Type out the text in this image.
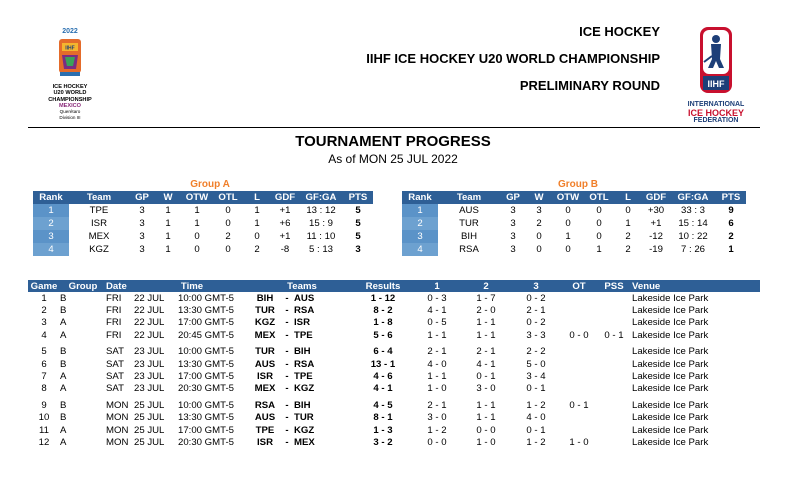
2022
IIHF
ICE HOCKEY
U20 WORLD
CHAMPIONSHIP
MEXICO
Querétaro
Division III
ICE HOCKEY
IIHF ICE HOCKEY U20 WORLD CHAMPIONSHIP
PRELIMINARY ROUND	IIHF
INTERNATIONAL
ICE HOCKEY
FEDERATION
TOURNAMENT PROGRESS
As of MON 25 JUL 2022
Group A
Rank	Team	GP	W	OTW	OTL	L	GDF	GF:GA	PTS
1	TPE	3	1	1	0	1	+1	13 : 12	5
2	ISR	3	1	1	0	1	+6	15 : 9	5
3	MEX	3	1	0	2	0	+1	11 : 10	5
4	KGZ	3	1	0	0	2	-8	5 : 13	3
Group B
Rank	Team	GP	W	OTW	OTL	L	GDF	GF:GA	PTS
1	AUS	3	3	0	0	0	+30	33 : 3	9
2	TUR	3	2	0	0	1	+1	15 : 14	6
3	BIH	3	0	1	0	2	-12	10 : 22	2
4	RSA	3	0	0	1	2	-19	7 : 26	1
Game	Group	Date	Time		Teams			Results	1	2	3	OT	PSS	Venue
1	B	FRI	22 JUL	10:00 GMT-5	BIH	-	AUS	1 - 12	0 - 3	1 - 7	0 - 2			Lakeside Ice Park
2	B	FRI	22 JUL	13:30 GMT-5	TUR	-	RSA	8 - 2	4 - 1	2 - 0	2 - 1			Lakeside Ice Park
3	A	FRI	22 JUL	17:00 GMT-5	KGZ	-	ISR	1 - 8	0 - 5	1 - 1	0 - 2			Lakeside Ice Park
4	A	FRI	22 JUL	20:45 GMT-5	MEX	-	TPE	5 - 6	1 - 1	1 - 1	3 - 3	0 - 0	0 - 1	Lakeside Ice Park
5	B	SAT	23 JUL	10:00 GMT-5	TUR	-	BIH	6 - 4	2 - 1	2 - 1	2 - 2			Lakeside Ice Park
6	B	SAT	23 JUL	13:30 GMT-5	AUS	-	RSA	13 - 1	4 - 0	4 - 1	5 - 0			Lakeside Ice Park
7	A	SAT	23 JUL	17:00 GMT-5	ISR	-	TPE	4 - 6	1 - 1	0 - 1	3 - 4			Lakeside Ice Park
8	A	SAT	23 JUL	20:30 GMT-5	MEX	-	KGZ	4 - 1	1 - 0	3 - 0	0 - 1			Lakeside Ice Park
9	B	MON	25 JUL	10:00 GMT-5	RSA	-	BIH	4 - 5	2 - 1	1 - 1	1 - 2	0 - 1		Lakeside Ice Park
10	B	MON	25 JUL	13:30 GMT-5	AUS	-	TUR	8 - 1	3 - 0	1 - 1	4 - 0			Lakeside Ice Park
11	A	MON	25 JUL	17:00 GMT-5	TPE	-	KGZ	1 - 3	1 - 2	0 - 0	0 - 1			Lakeside Ice Park
12	A	MON	25 JUL	20:30 GMT-5	ISR	-	MEX	3 - 2	0 - 0	1 - 0	1 - 2	1 - 0		Lakeside Ice Park
